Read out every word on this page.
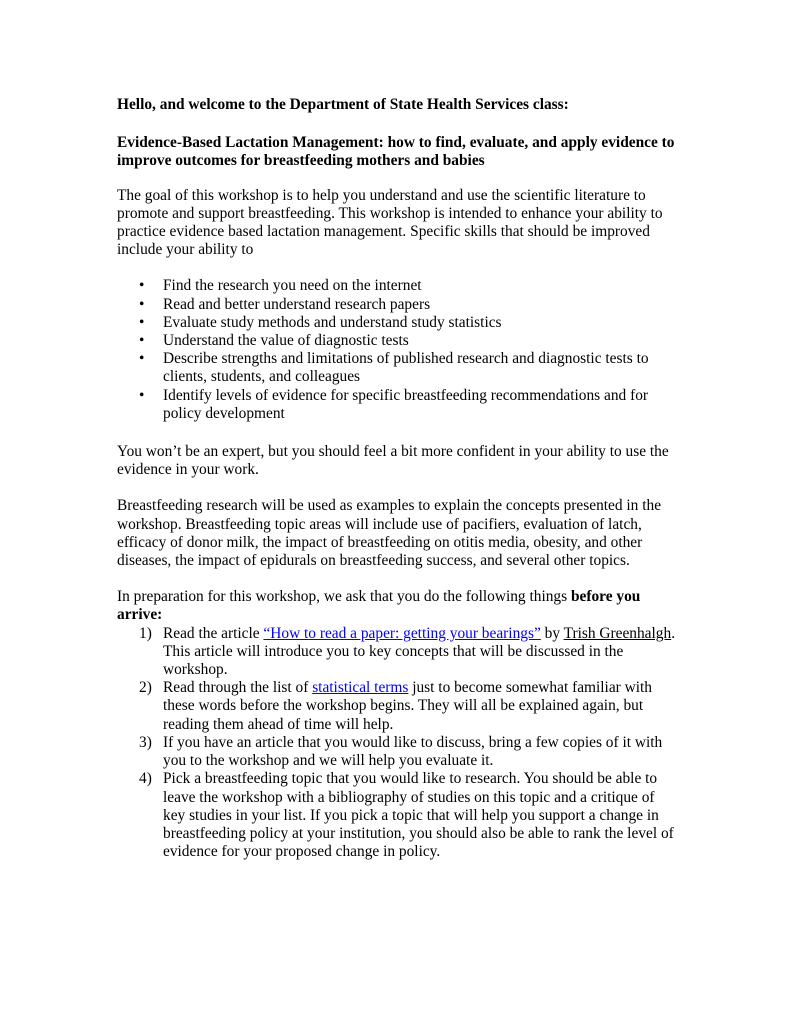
Hello, and welcome to the Department of State Health Services class:
Evidence-Based Lactation Management: how to find, evaluate, and apply evidence to improve outcomes for breastfeeding mothers and babies

The goal of this workshop is to help you understand and use the scientific literature to promote and support breastfeeding. This workshop is intended to enhance your ability to practice evidence based lactation management. Specific skills that should be improved include your ability to

• Find the research you need on the internet
• Read and better understand research papers
• Evaluate study methods and understand study statistics
• Understand the value of diagnostic tests
• Describe strengths and limitations of published research and diagnostic tests to clients, students, and colleagues
• Identify levels of evidence for specific breastfeeding recommendations and for policy development

You won’t be an expert, but you should feel a bit more confident in your ability to use the evidence in your work.

Breastfeeding research will be used as examples to explain the concepts presented in the workshop. Breastfeeding topic areas will include use of pacifiers, evaluation of latch, efficacy of donor milk, the impact of breastfeeding on otitis media, obesity, and other diseases, the impact of epidurals on breastfeeding success, and several other topics.

In preparation for this workshop, we ask that you do the following things before you arrive:
1) Read the article “How to read a paper: getting your bearings” by Trish Greenhalgh. This article will introduce you to key concepts that will be discussed in the workshop.
2) Read through the list of statistical terms just to become somewhat familiar with these words before the workshop begins. They will all be explained again, but reading them ahead of time will help.
3) If you have an article that you would like to discuss, bring a few copies of it with you to the workshop and we will help you evaluate it.
4) Pick a breastfeeding topic that you would like to research. You should be able to leave the workshop with a bibliography of studies on this topic and a critique of key studies in your list. If you pick a topic that will help you support a change in breastfeeding policy at your institution, you should also be able to rank the level of evidence for your proposed change in policy.
